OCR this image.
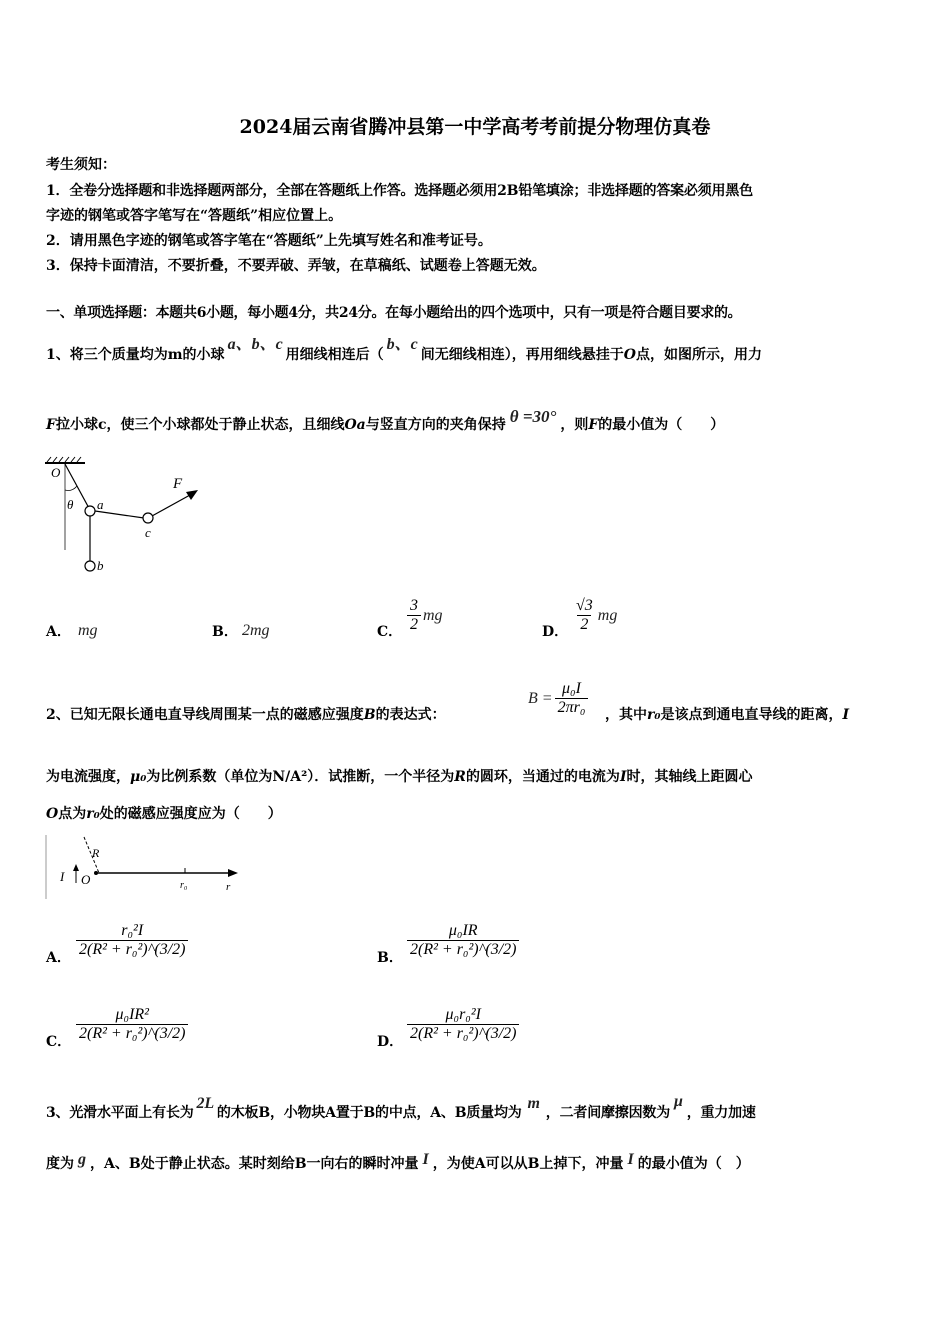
2024届云南省腾冲县第一中学高考考前提分物理仿真卷
考生须知：
1．全卷分选择题和非选择题两部分，全部在答题纸上作答。选择题必须用2B铅笔填涂；非选择题的答案必须用黑色
字迹的钢笔或答字笔写在“答题纸”相应位置上。
2．请用黑色字迹的钢笔或答字笔在“答题纸”上先填写姓名和准考证号。
3．保持卡面清洁，不要折叠，不要弄破、弄皱，在草稿纸、试题卷上答题无效。
一、单项选择题：本题共6小题，每小题4分，共24分。在每小题给出的四个选项中，只有一项是符合题目要求的。
1、将三个质量均为m的小球a、b、c用细线相连后（b、c间无细线相连），再用细线悬挂于O点，如图所示，用力
F拉小球c，使三个小球都处于静止状态，且细线Oa与竖直方向的夹角保持 θ =30° ，则F的最小值为（　　）
O
θ a
b
c
F
A． mg	B． 2mg	C． $\frac{3}{2}$ mg
D． $\frac{√3}{2}$ mg
2、已知无限长通电直导线周围某一点的磁感应强度B的表达式：
$B = \frac{\text{μ₀I}}{\text{2πr₀}}$ ，其中r₀是该点到通电直导线的距离，I
为电流强度，μ₀为比例系数（单位为N/A²）．试推断，一个半径为R的圆环，当通过的电流为I时，其轴线上距圆心
O点为r₀处的磁感应强度应为（　　）
I O
R
r₀	r
A． $\frac{\text{r₀²I}}{\text{2(R² + r₀²)\textasciicircum{}(3/2)}}$	B． $\frac{\text{μ₀IR}}{\text{2(R² + r₀²)\textasciicircum{}(3/2)}}$
C． $\frac{\text{μ₀IR²}}{\text{2(R² + r₀²)\textasciicircum{}(3/2)}}$	D． $\frac{\text{μ₀r₀²I}}{\text{2(R² + r₀²)\textasciicircum{}(3/2)}}$
3、光滑水平面上有长为2L的木板B，小物块A置于B的中点，A、B质量均为m，二者间摩擦因数为μ，重力加速
度为 g ，A、B处于静止状态。某时刻给B一向右的瞬时冲量 I ，为使A可以从B上掉下，冲量 I 的最小值为（　）
